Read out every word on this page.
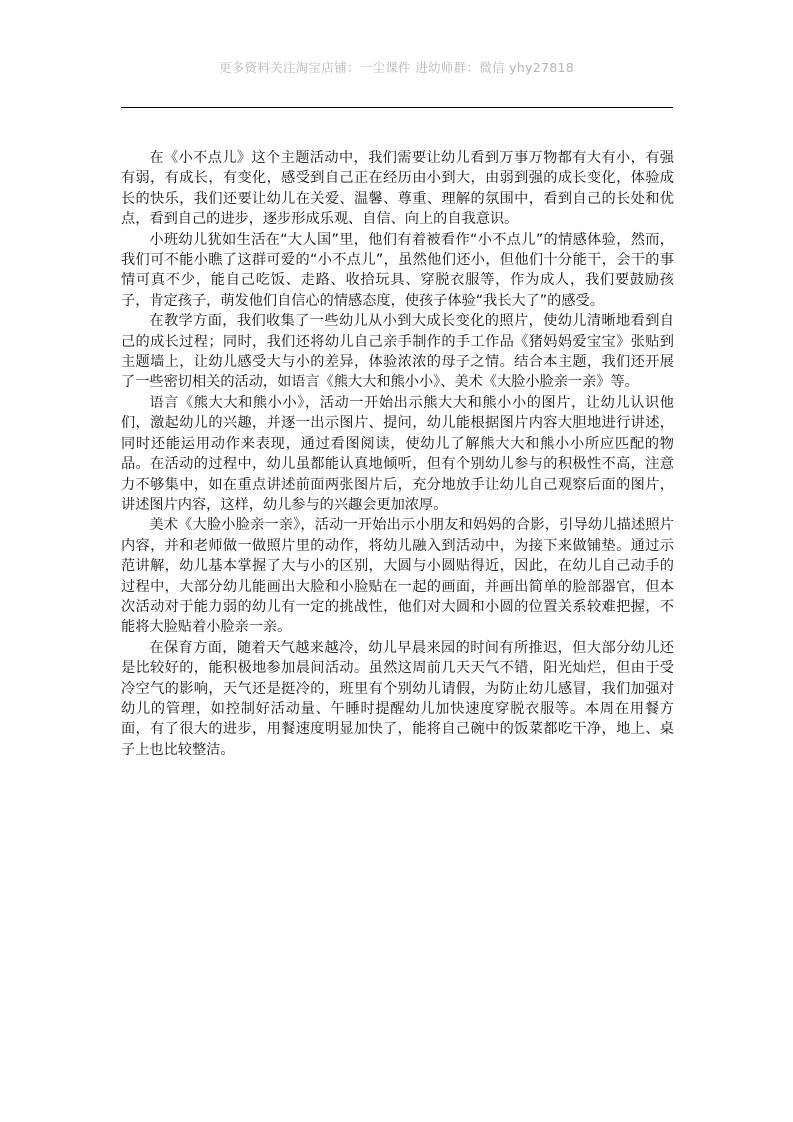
更多资料关注淘宝店铺：一尘课件 进幼师群：微信 yhy27818

在《小不点儿》这个主题活动中，我们需要让幼儿看到万事万物都有大有小，有强有弱，有成长，有变化，感受到自己正在经历由小到大，由弱到强的成长变化，体验成长的快乐，我们还要让幼儿在关爱、温馨、尊重、理解的氛围中，看到自己的长处和优点，看到自己的进步，逐步形成乐观、自信、向上的自我意识。

小班幼儿犹如生活在“大人国”里，他们有着被看作“小不点儿”的情感体验，然而，我们可不能小瞧了这群可爱的“小不点儿”，虽然他们还小，但他们十分能干，会干的事情可真不少，能自己吃饭、走路、收拾玩具、穿脱衣服等，作为成人，我们要鼓励孩子，肯定孩子，萌发他们自信心的情感态度，使孩子体验“我长大了”的感受。

在教学方面，我们收集了一些幼儿从小到大成长变化的照片，使幼儿清晰地看到自己的成长过程；同时，我们还将幼儿自己亲手制作的手工作品《猪妈妈爱宝宝》张贴到主题墙上，让幼儿感受大与小的差异，体验浓浓的母子之情。结合本主题，我们还开展了一些密切相关的活动，如语言《熊大大和熊小小》、美术《大脸小脸亲一亲》等。

语言《熊大大和熊小小》，活动一开始出示熊大大和熊小小的图片，让幼儿认识他们，激起幼儿的兴趣，并逐一出示图片、提问，幼儿能根据图片内容大胆地进行讲述，同时还能运用动作来表现，通过看图阅读，使幼儿了解熊大大和熊小小所应匹配的物品。在活动的过程中，幼儿虽都能认真地倾听，但有个别幼儿参与的积极性不高，注意力不够集中，如在重点讲述前面两张图片后，充分地放手让幼儿自己观察后面的图片，讲述图片内容，这样，幼儿参与的兴趣会更加浓厚。

美术《大脸小脸亲一亲》，活动一开始出示小朋友和妈妈的合影，引导幼儿描述照片内容，并和老师做一做照片里的动作，将幼儿融入到活动中，为接下来做铺垫。通过示范讲解，幼儿基本掌握了大与小的区别，大圆与小圆贴得近，因此，在幼儿自己动手的过程中，大部分幼儿能画出大脸和小脸贴在一起的画面，并画出简单的脸部器官，但本次活动对于能力弱的幼儿有一定的挑战性，他们对大圆和小圆的位置关系较难把握，不能将大脸贴着小脸亲一亲。

在保育方面，随着天气越来越冷，幼儿早晨来园的时间有所推迟，但大部分幼儿还是比较好的，能积极地参加晨间活动。虽然这周前几天天气不错，阳光灿烂，但由于受冷空气的影响，天气还是挺冷的，班里有个别幼儿请假，为防止幼儿感冒，我们加强对幼儿的管理，如控制好活动量、午睡时提醒幼儿加快速度穿脱衣服等。本周在用餐方面，有了很大的进步，用餐速度明显加快了，能将自己碗中的饭菜都吃干净，地上、桌子上也比较整洁。
